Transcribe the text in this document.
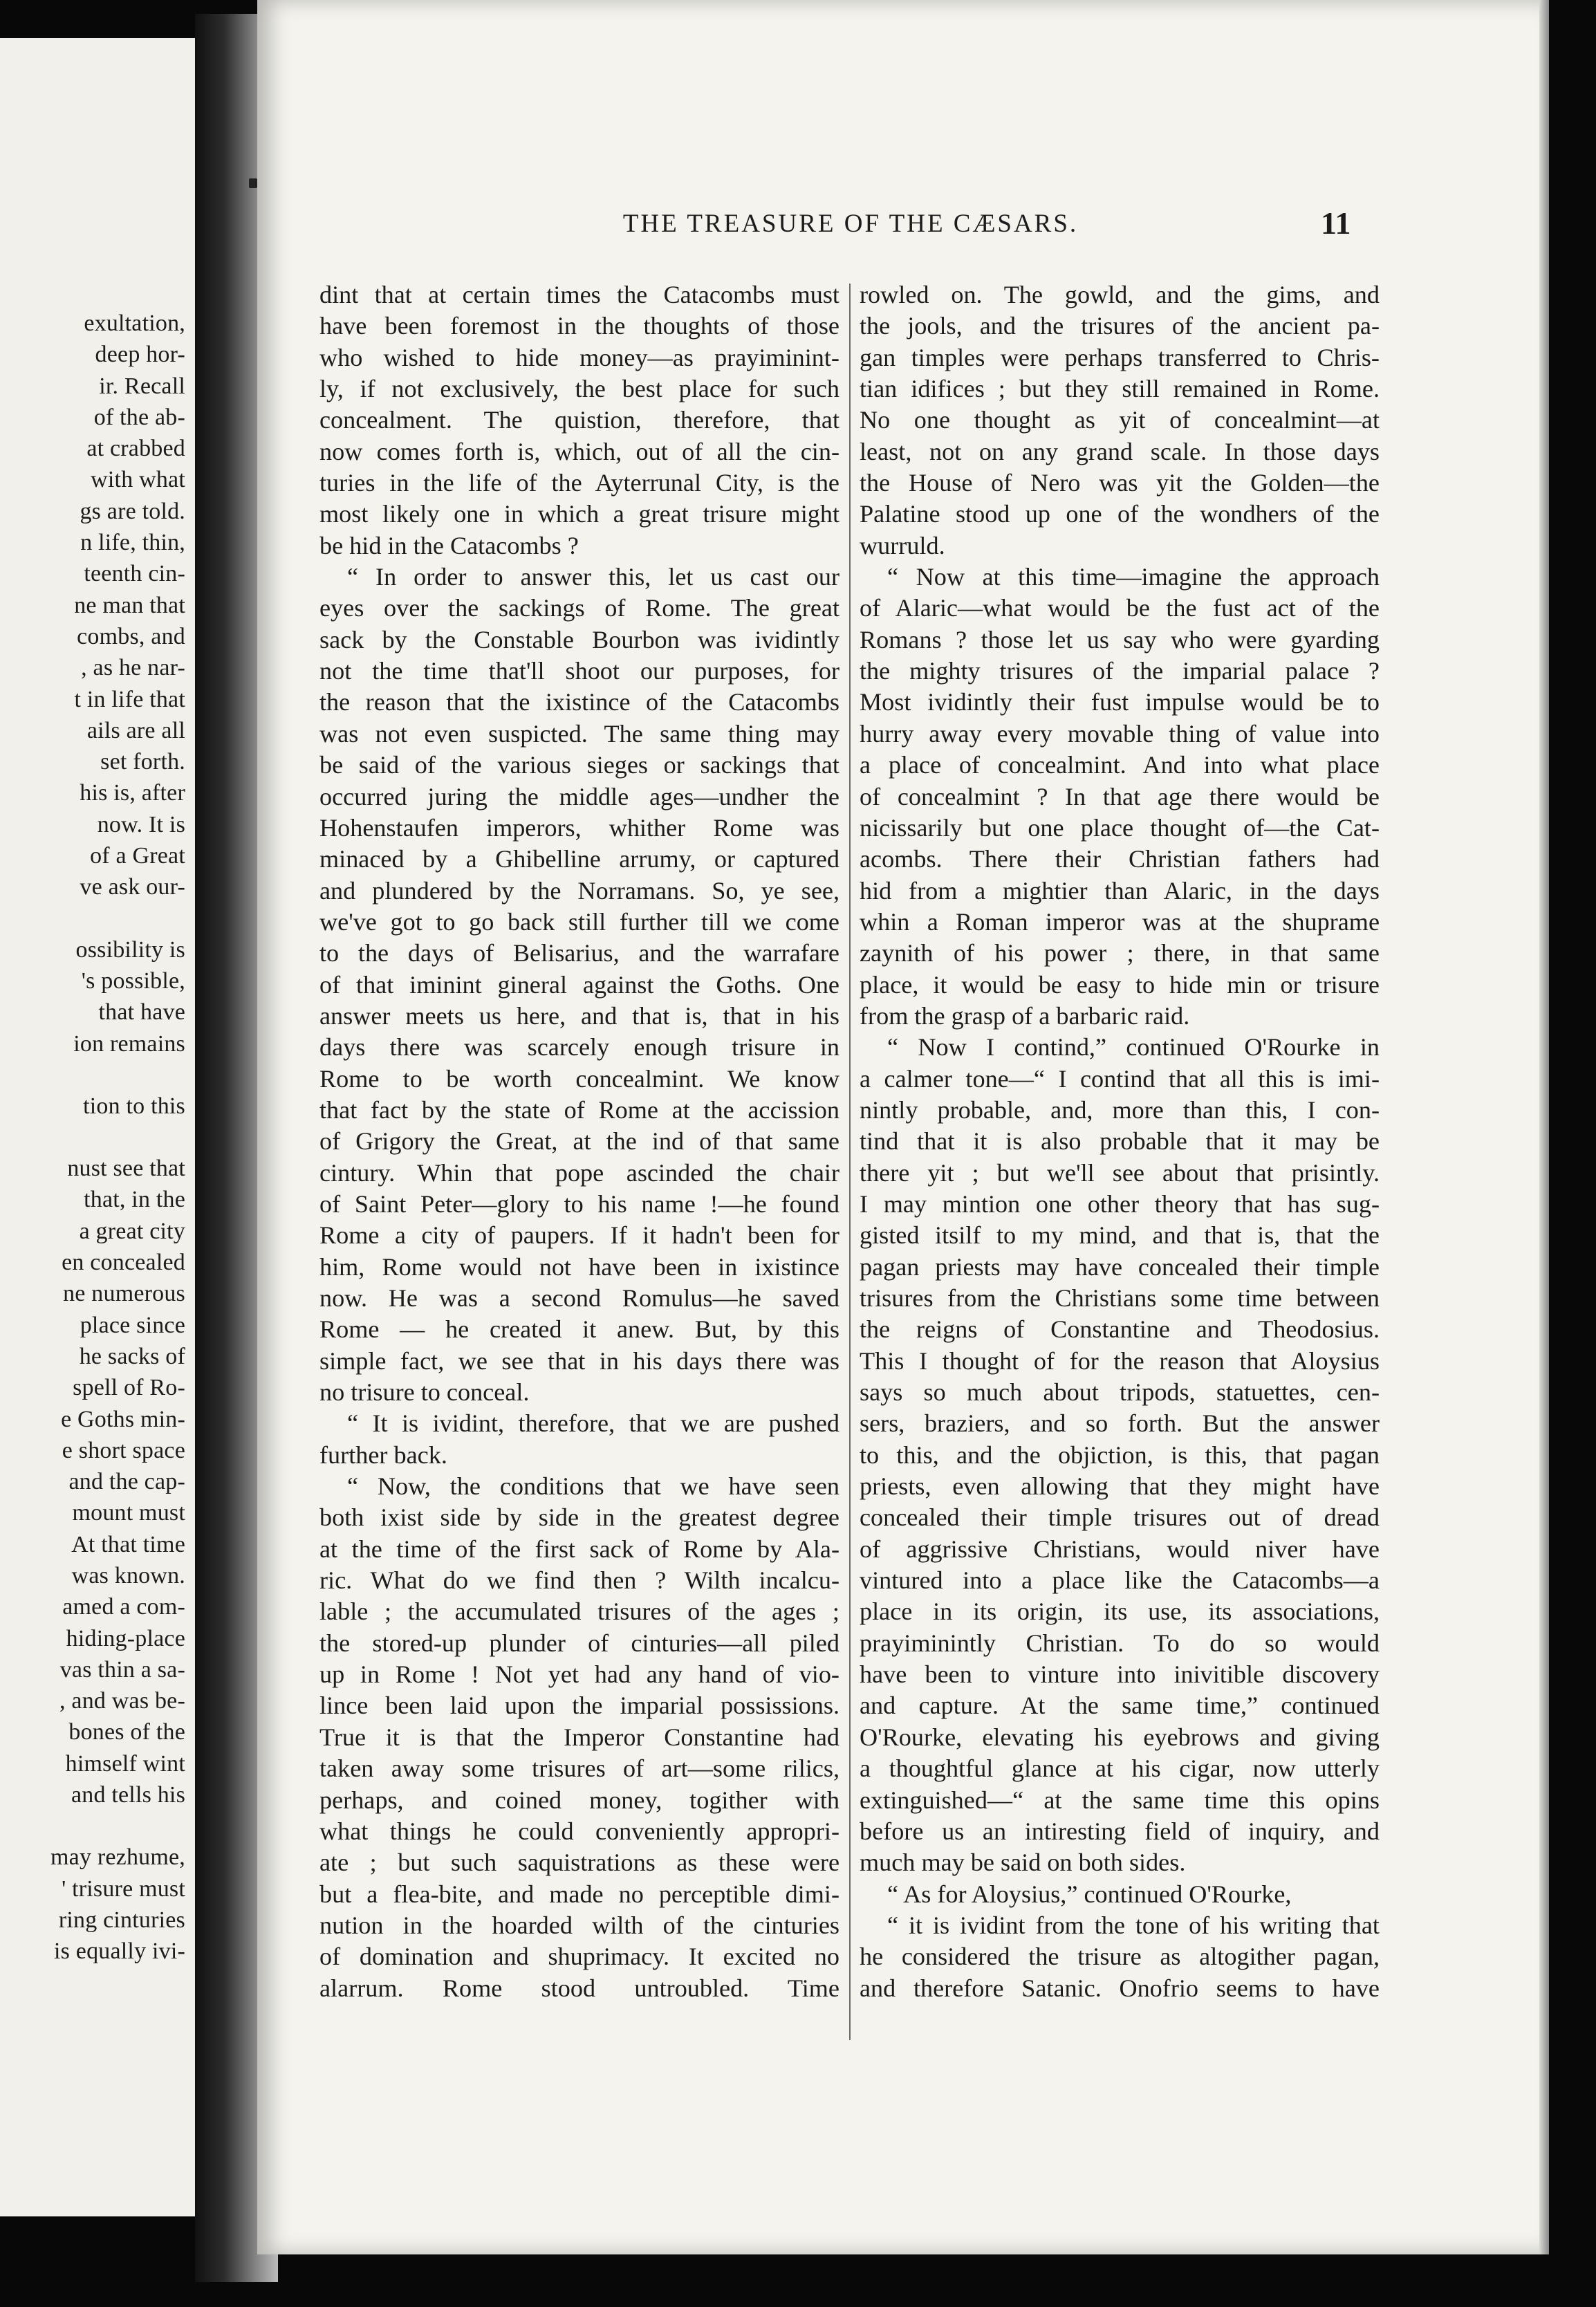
exultation,
deep hor-
ir. Recall
of the ab-
at crabbed
with what
gs are told.
n life, thin,
teenth cin-
ne man that
combs, and
, as he nar-
t in life that
ails are all
set forth.
his is, after
now. It is
of a Great
ve ask our-
ossibility is
's possible,
that have
ion remains
tion to this
nust see that
that, in the
a great city
en concealed
ne numerous
place since
he sacks of
spell of Ro-
e Goths min-
e short space
and the cap-
mount must
At that time
was known.
amed a com-
hiding-place
vas thin a sa-
, and was be-
bones of the
himself wint
and tells his
may rezhume,
' trisure must
ring cinturies
is equally ivi-
THE TREASURE OF THE CÆSARS.	11
dint that at certain times the Catacombs must
have been foremost in the thoughts of those
who wished to hide money—as prayiminint-
ly, if not exclusively, the best place for such
concealment. The quistion, therefore, that
now comes forth is, which, out of all the cin-
turies in the life of the Ayterrunal City, is the
most likely one in which a great trisure might
be hid in the Catacombs ?
“ In order to answer this, let us cast our
eyes over the sackings of Rome. The great
sack by the Constable Bourbon was ividintly
not the time that'll shoot our purposes, for
the reason that the ixistince of the Catacombs
was not even suspicted. The same thing may
be said of the various sieges or sackings that
occurred juring the middle ages—undher the
Hohenstaufen imperors, whither Rome was
minaced by a Ghibelline arrumy, or captured
and plundered by the Norramans. So, ye see,
we've got to go back still further till we come
to the days of Belisarius, and the warrafare
of that iminint gineral against the Goths. One
answer meets us here, and that is, that in his
days there was scarcely enough trisure in
Rome to be worth concealmint. We know
that fact by the state of Rome at the accission
of Grigory the Great, at the ind of that same
cintury. Whin that pope ascinded the chair
of Saint Peter—glory to his name !—he found
Rome a city of paupers. If it hadn't been for
him, Rome would not have been in ixistince
now. He was a second Romulus—he saved
Rome — he created it anew. But, by this
simple fact, we see that in his days there was
no trisure to conceal.
“ It is ividint, therefore, that we are pushed
further back.
“ Now, the conditions that we have seen
both ixist side by side in the greatest degree
at the time of the first sack of Rome by Ala-
ric. What do we find then ? Wilth incalcu-
lable ; the accumulated trisures of the ages ;
the stored-up plunder of cinturies—all piled
up in Rome ! Not yet had any hand of vio-
lince been laid upon the imparial possissions.
True it is that the Imperor Constantine had
taken away some trisures of art—some rilics,
perhaps, and coined money, togither with
what things he could conveniently appropri-
ate ; but such saquistrations as these were
but a flea-bite, and made no perceptible dimi-
nution in the hoarded wilth of the cinturies
of domination and shuprimacy. It excited no
alarrum. Rome stood untroubled. Time
rowled on. The gowld, and the gims, and
the jools, and the trisures of the ancient pa-
gan timples were perhaps transferred to Chris-
tian idifices ; but they still remained in Rome.
No one thought as yit of concealmint—at
least, not on any grand scale. In those days
the House of Nero was yit the Golden—the
Palatine stood up one of the wondhers of the
wurruld.
“ Now at this time—imagine the approach
of Alaric—what would be the fust act of the
Romans ? those let us say who were gyarding
the mighty trisures of the imparial palace ?
Most ividintly their fust impulse would be to
hurry away every movable thing of value into
a place of concealmint. And into what place
of concealmint ? In that age there would be
nicissarily but one place thought of—the Cat-
acombs. There their Christian fathers had
hid from a mightier than Alaric, in the days
whin a Roman imperor was at the shuprame
zaynith of his power ; there, in that same
place, it would be easy to hide min or trisure
from the grasp of a barbaric raid.
“ Now I contind,” continued O'Rourke in
a calmer tone—“ I contind that all this is imi-
nintly probable, and, more than this, I con-
tind that it is also probable that it may be
there yit ; but we'll see about that prisintly.
I may mintion one other theory that has sug-
gisted itsilf to my mind, and that is, that the
pagan priests may have concealed their timple
trisures from the Christians some time between
the reigns of Constantine and Theodosius.
This I thought of for the reason that Aloysius
says so much about tripods, statuettes, cen-
sers, braziers, and so forth. But the answer
to this, and the objiction, is this, that pagan
priests, even allowing that they might have
concealed their timple trisures out of dread
of aggrissive Christians, would niver have
vintured into a place like the Catacombs—a
place in its origin, its use, its associations,
prayiminintly Christian. To do so would
have been to vinture into inivitible discovery
and capture. At the same time,” continued
O'Rourke, elevating his eyebrows and giving
a thoughtful glance at his cigar, now utterly
extinguished—“ at the same time this opins
before us an intiresting field of inquiry, and
much may be said on both sides.
“ As for Aloysius,” continued O'Rourke,
“ it is ividint from the tone of his writing that
he considered the trisure as altogither pagan,
and therefore Satanic. Onofrio seems to have
